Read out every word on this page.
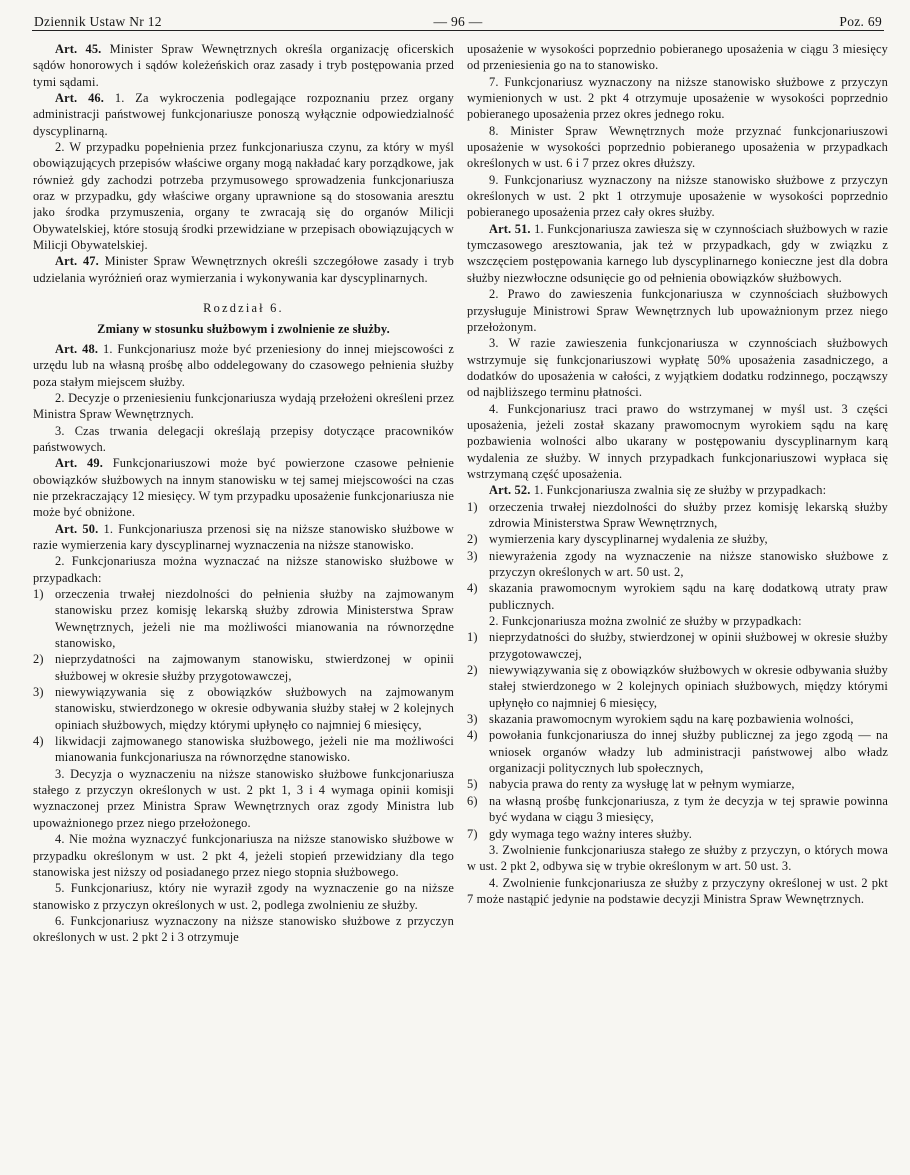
Dziennik Ustaw Nr 12	— 96 —	Poz. 69

Art. 45. Minister Spraw Wewnętrznych określa organizację oficerskich sądów honorowych i sądów koleżeńskich oraz zasady i tryb postępowania przed tymi sądami.

Art. 46. 1. Za wykroczenia podlegające rozpoznaniu przez organy administracji państwowej funkcjonariusze ponoszą wyłącznie odpowiedzialność dyscyplinarną.

2. W przypadku popełnienia przez funkcjonariusza czynu, za który w myśl obowiązujących przepisów właściwe organy mogą nakładać kary porządkowe, jak również gdy zachodzi potrzeba przymusowego sprowadzenia funkcjonariusza oraz w przypadku, gdy właściwe organy uprawnione są do stosowania aresztu jako środka przymuszenia, organy te zwracają się do organów Milicji Obywatelskiej, które stosują środki przewidziane w przepisach obowiązujących w Milicji Obywatelskiej.

Art. 47. Minister Spraw Wewnętrznych określi szczegółowe zasady i tryb udzielania wyróżnień oraz wymierzania i wykonywania kar dyscyplinarnych.

Rozdział 6.

Zmiany w stosunku służbowym i zwolnienie ze służby.

Art. 48. 1. Funkcjonariusz może być przeniesiony do innej miejscowości z urzędu lub na własną prośbę albo oddelegowany do czasowego pełnienia służby poza stałym miejscem służby.

2. Decyzje o przeniesieniu funkcjonariusza wydają przełożeni określeni przez Ministra Spraw Wewnętrznych.

3. Czas trwania delegacji określają przepisy dotyczące pracowników państwowych.

Art. 49. Funkcjonariuszowi może być powierzone czasowe pełnienie obowiązków służbowych na innym stanowisku w tej samej miejscowości na czas nie przekraczający 12 miesięcy. W tym przypadku uposażenie funkcjonariusza nie może być obniżone.

Art. 50. 1. Funkcjonariusza przenosi się na niższe stanowisko służbowe w razie wymierzenia kary dyscyplinarnej wyznaczenia na niższe stanowisko.

2. Funkcjonariusza można wyznaczać na niższe stanowisko służbowe w przypadkach:

1) orzeczenia trwałej niezdolności do pełnienia służby na zajmowanym stanowisku przez komisję lekarską służby zdrowia Ministerstwa Spraw Wewnętrznych, jeżeli nie ma możliwości mianowania na równorzędne stanowisko,
2) nieprzydatności na zajmowanym stanowisku, stwierdzonej w opinii służbowej w okresie służby przygotowawczej,
3) niewywiązywania się z obowiązków służbowych na zajmowanym stanowisku, stwierdzonego w okresie odbywania służby stałej w 2 kolejnych opiniach służbowych, między którymi upłynęło co najmniej 6 miesięcy,
4) likwidacji zajmowanego stanowiska służbowego, jeżeli nie ma możliwości mianowania funkcjonariusza na równorzędne stanowisko.

3. Decyzja o wyznaczeniu na niższe stanowisko służbowe funkcjonariusza stałego z przyczyn określonych w ust. 2 pkt 1, 3 i 4 wymaga opinii komisji wyznaczonej przez Ministra Spraw Wewnętrznych oraz zgody Ministra lub upoważnionego przez niego przełożonego.

4. Nie można wyznaczyć funkcjonariusza na niższe stanowisko służbowe w przypadku określonym w ust. 2 pkt 4, jeżeli stopień przewidziany dla tego stanowiska jest niższy od posiadanego przez niego stopnia służbowego.

5. Funkcjonariusz, który nie wyraził zgody na wyznaczenie go na niższe stanowisko z przyczyn określonych w ust. 2, podlega zwolnieniu ze służby.

6. Funkcjonariusz wyznaczony na niższe stanowisko służbowe z przyczyn określonych w ust. 2 pkt 2 i 3 otrzymuje

uposażenie w wysokości poprzednio pobieranego uposażenia w ciągu 3 miesięcy od przeniesienia go na to stanowisko.

7. Funkcjonariusz wyznaczony na niższe stanowisko służbowe z przyczyn wymienionych w ust. 2 pkt 4 otrzymuje uposażenie w wysokości poprzednio pobieranego uposażenia przez okres jednego roku.

8. Minister Spraw Wewnętrznych może przyznać funkcjonariuszowi uposażenie w wysokości poprzednio pobieranego uposażenia w przypadkach określonych w ust. 6 i 7 przez okres dłuższy.

9. Funkcjonariusz wyznaczony na niższe stanowisko służbowe z przyczyn określonych w ust. 2 pkt 1 otrzymuje uposażenie w wysokości poprzednio pobieranego uposażenia przez cały okres służby.

Art. 51. 1. Funkcjonariusza zawiesza się w czynnościach służbowych w razie tymczasowego aresztowania, jak też w przypadkach, gdy w związku z wszczęciem postępowania karnego lub dyscyplinarnego konieczne jest dla dobra służby niezwłoczne odsunięcie go od pełnienia obowiązków służbowych.

2. Prawo do zawieszenia funkcjonariusza w czynnościach służbowych przysługuje Ministrowi Spraw Wewnętrznych lub upoważnionym przez niego przełożonym.

3. W razie zawieszenia funkcjonariusza w czynnościach służbowych wstrzymuje się funkcjonariuszowi wypłatę 50% uposażenia zasadniczego, a dodatków do uposażenia w całości, z wyjątkiem dodatku rodzinnego, począwszy od najbliższego terminu płatności.

4. Funkcjonariusz traci prawo do wstrzymanej w myśl ust. 3 części uposażenia, jeżeli został skazany prawomocnym wyrokiem sądu na karę pozbawienia wolności albo ukarany w postępowaniu dyscyplinarnym karą wydalenia ze służby. W innych przypadkach funkcjonariuszowi wypłaca się wstrzymaną część uposażenia.

Art. 52. 1. Funkcjonariusza zwalnia się ze służby w przypadkach:

1) orzeczenia trwałej niezdolności do służby przez komisję lekarską służby zdrowia Ministerstwa Spraw Wewnętrznych,
2) wymierzenia kary dyscyplinarnej wydalenia ze służby,
3) niewyrażenia zgody na wyznaczenie na niższe stanowisko służbowe z przyczyn określonych w art. 50 ust. 2,
4) skazania prawomocnym wyrokiem sądu na karę dodatkową utraty praw publicznych.

2. Funkcjonariusza można zwolnić ze służby w przypadkach:

1) nieprzydatności do służby, stwierdzonej w opinii służbowej w okresie służby przygotowawczej,
2) niewywiązywania się z obowiązków służbowych w okresie odbywania służby stałej stwierdzonego w 2 kolejnych opiniach służbowych, między którymi upłynęło co najmniej 6 miesięcy,
3) skazania prawomocnym wyrokiem sądu na karę pozbawienia wolności,
4) powołania funkcjonariusza do innej służby publicznej za jego zgodą — na wniosek organów władzy lub administracji państwowej albo władz organizacji politycznych lub społecznych,
5) nabycia prawa do renty za wysługę lat w pełnym wymiarze,
6) na własną prośbę funkcjonariusza, z tym że decyzja w tej sprawie powinna być wydana w ciągu 3 miesięcy,
7) gdy wymaga tego ważny interes służby.

3. Zwolnienie funkcjonariusza stałego ze służby z przyczyn, o których mowa w ust. 2 pkt 2, odbywa się w trybie określonym w art. 50 ust. 3.

4. Zwolnienie funkcjonariusza ze służby z przyczyny określonej w ust. 2 pkt 7 może nastąpić jedynie na podstawie decyzji Ministra Spraw Wewnętrznych.
